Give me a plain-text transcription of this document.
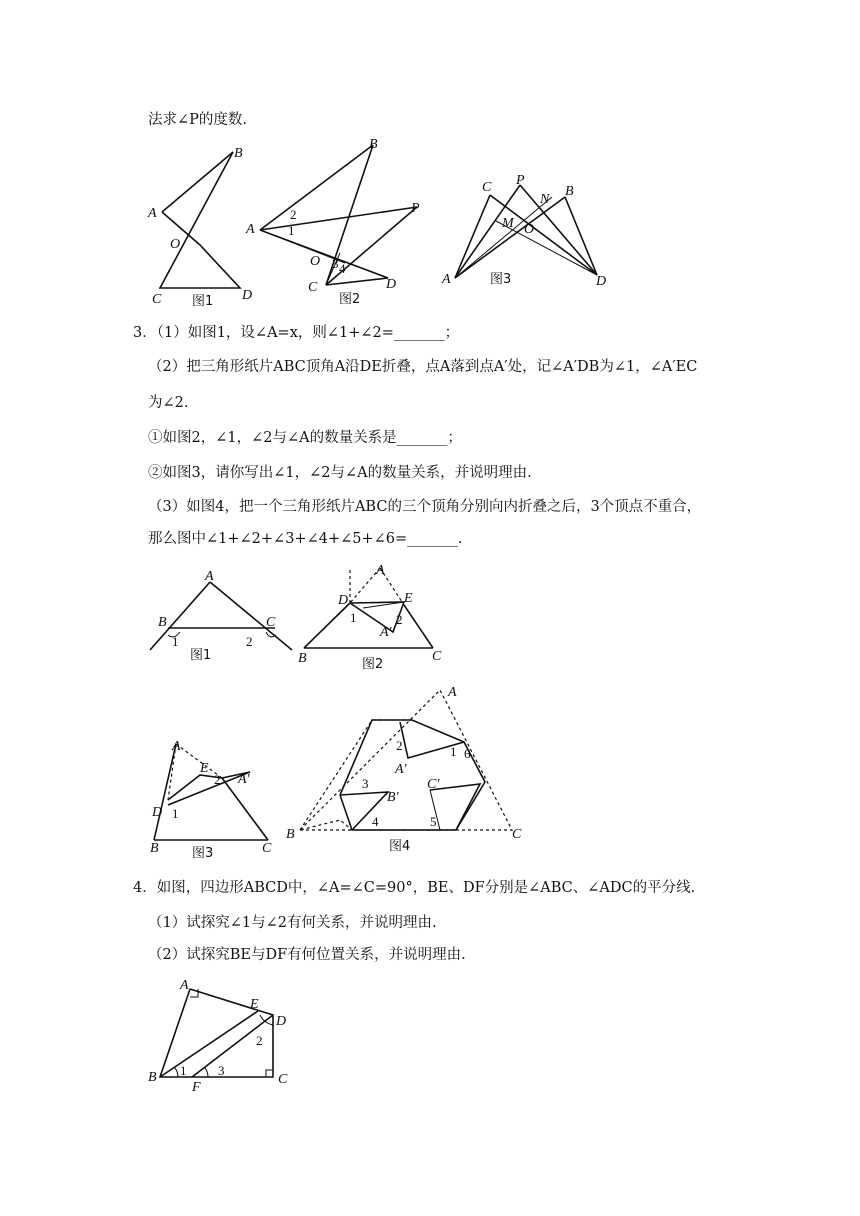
法求∠P的度数.
A
B
C	D
O
图1
A
B
C	D
O
P
1
2
3 4
图2
A
B
C
D
O
P
M
N
图3
3．（1）如图1，设∠A=x，则∠1+∠2=_______；
（2）把三角形纸片ABC顶角A沿DE折叠，点A落到点A′处，记∠A′DB为∠1，∠A′EC
为∠2.
①如图2，∠1，∠2与∠A的数量关系是_______；
②如图3，请你写出∠1，∠2与∠A的数量关系，并说明理由.
（3）如图4，把一个三角形纸片ABC的三个顶角分别向内折叠之后，3个顶点不重合，
那么图中∠1+∠2+∠3+∠4+∠5+∠6=_______.
A
B	C
1	2
图1
A
B	C
D	E
A′
1	2
图2
A
B	C
D
E
A′
1
2
图3
A
B	C
A′
B′
C′
1
2
3
4	5
6
图4
4．如图，四边形ABCD中，∠A=∠C=90°，BE、DF分别是∠ABC、∠ADC的平分线.
（1）试探究∠1与∠2有何关系，并说明理由.
（2）试探究BE与DF有何位置关系，并说明理由.
A
B	C
D
E
F
1
2
3
